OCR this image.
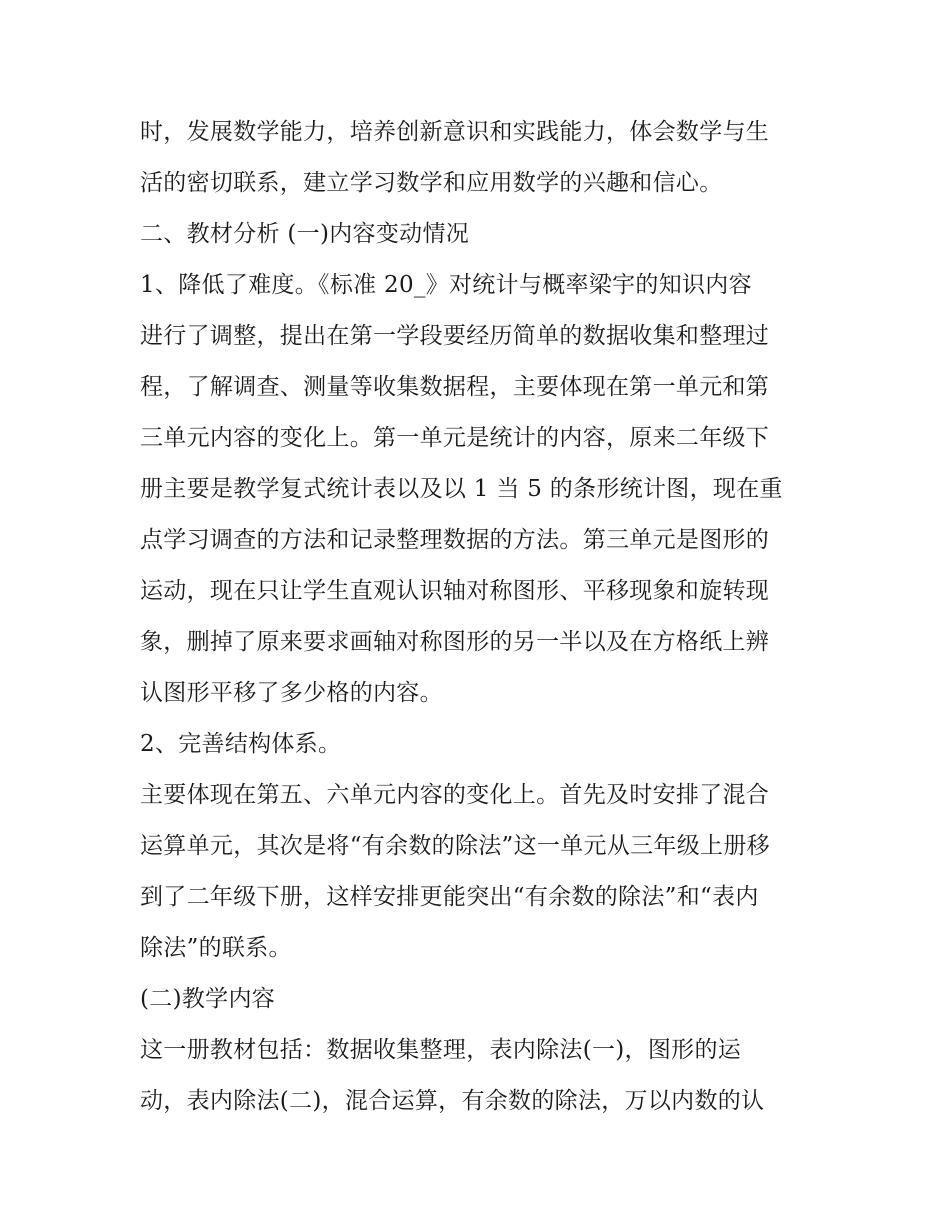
时，发展数学能力，培养创新意识和实践能力，体会数学与生
活的密切联系，建立学习数学和应用数学的兴趣和信心。
二、教材分析 (一)内容变动情况
1、降低了难度。《标准 20_》对统计与概率梁宇的知识内容
进行了调整，提出在第一学段要经历简单的数据收集和整理过
程，了解调查、测量等收集数据程，主要体现在第一单元和第
三单元内容的变化上。第一单元是统计的内容，原来二年级下
册主要是教学复式统计表以及以 1 当 5 的条形统计图，现在重
点学习调查的方法和记录整理数据的方法。第三单元是图形的
运动，现在只让学生直观认识轴对称图形、平移现象和旋转现
象，删掉了原来要求画轴对称图形的另一半以及在方格纸上辨
认图形平移了多少格的内容。
2、完善结构体系。
主要体现在第五、六单元内容的变化上。首先及时安排了混合
运算单元，其次是将“有余数的除法”这一单元从三年级上册移
到了二年级下册，这样安排更能突出“有余数的除法”和“表内
除法”的联系。
(二)教学内容
这一册教材包括：数据收集整理，表内除法(一)，图形的运
动，表内除法(二)，混合运算，有余数的除法，万以内数的认
